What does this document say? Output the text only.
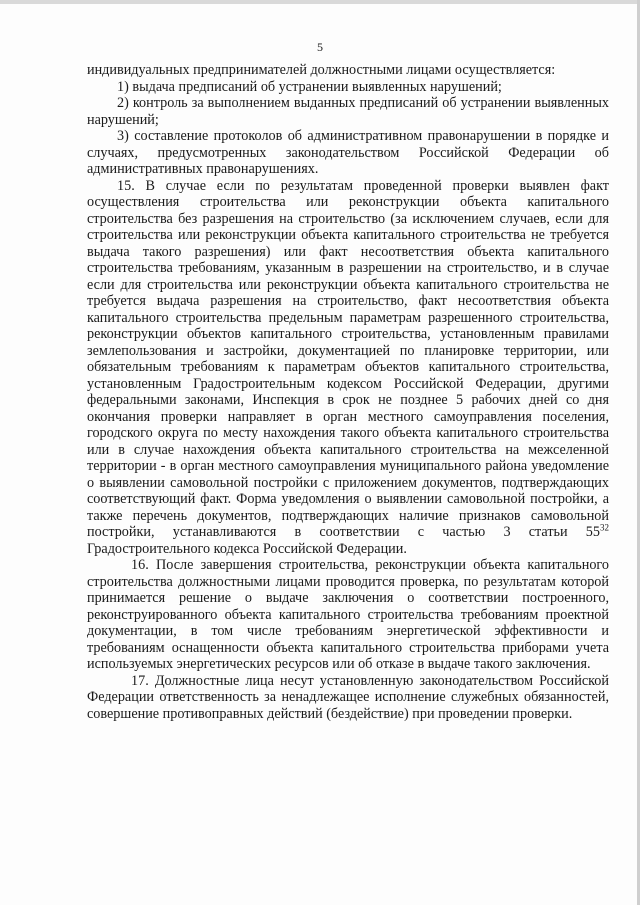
5

индивидуальных предпринимателей должностными лицами осуществляется:

1) выдача предписаний об устранении выявленных нарушений;

2) контроль за выполнением выданных предписаний об устранении выявленных нарушений;

3) составление протоколов об административном правонарушении в порядке и случаях, предусмотренных законодательством Российской Федерации об административных правонарушениях.

15. В случае если по результатам проведенной проверки выявлен факт осуществления строительства или реконструкции объекта капитального строительства без разрешения на строительство (за исключением случаев, если для строительства или реконструкции объекта капитального строительства не требуется выдача такого разрешения) или факт несоответствия объекта капитального строительства требованиям, указанным в разрешении на строительство, и в случае если для строительства или реконструкции объекта капитального строительства не требуется выдача разрешения на строительство, факт несоответствия объекта капитального строительства предельным параметрам разрешенного строительства, реконструкции объектов капитального строительства, установленным правилами землепользования и застройки, документацией по планировке территории, или обязательным требованиям к параметрам объектов капитального строительства, установленным Градостроительным кодексом Российской Федерации, другими федеральными законами, Инспекция в срок не позднее 5 рабочих дней со дня окончания проверки направляет в орган местного самоуправления поселения, городского округа по месту нахождения такого объекта капитального строительства или в случае нахождения объекта капитального строительства на межселенной территории - в орган местного самоуправления муниципального района уведомление о выявлении самовольной постройки с приложением документов, подтверждающих соответствующий факт. Форма уведомления о выявлении самовольной постройки, а также перечень документов, подтверждающих наличие признаков самовольной постройки, устанавливаются в соответствии с частью 3 статьи $55^{32}$ Градостроительного кодекса Российской Федерации.

16. После завершения строительства, реконструкции объекта капитального строительства должностными лицами проводится проверка, по результатам которой принимается решение о выдаче заключения о соответствии построенного, реконструированного объекта капитального строительства требованиям проектной документации, в том числе требованиям энергетической эффективности и требованиям оснащенности объекта капитального строительства приборами учета используемых энергетических ресурсов или об отказе в выдаче такого заключения.

17. Должностные лица несут установленную законодательством Российской Федерации ответственность за ненадлежащее исполнение служебных обязанностей, совершение противоправных действий (бездействие) при проведении проверки.
